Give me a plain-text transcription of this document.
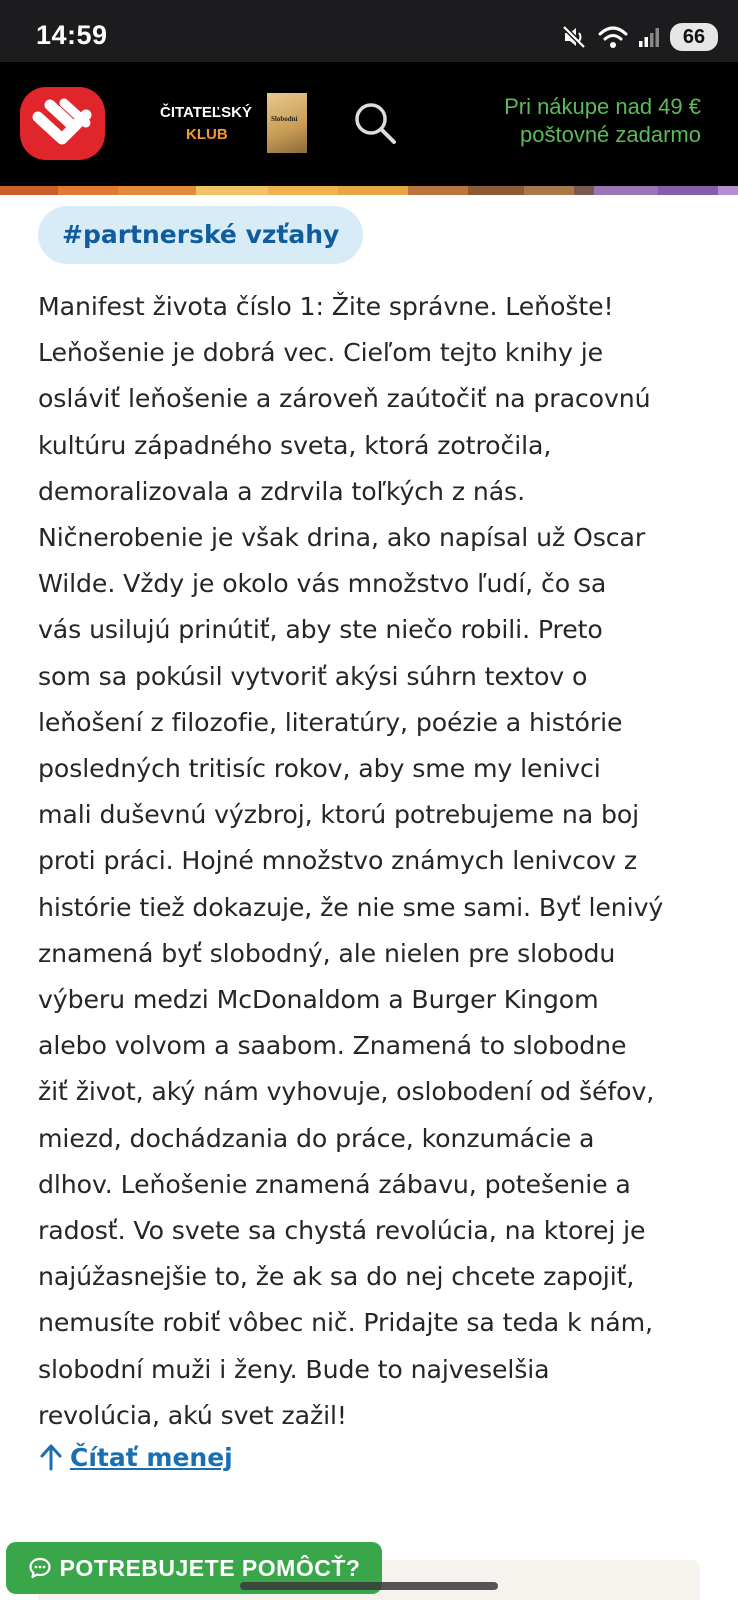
14:59	66
ČITATEĽSKÝ
KLUB
Slobodní	Pri nákupe nad 49 €
poštovné zadarmo
#partnerské vzťahy
Manifest života číslo 1: Žite správne. Leňošte!
Leňošenie je dobrá vec. Cieľom tejto knihy je
osláviť leňošenie a zároveň zaútočiť na pracovnú
kultúru západného sveta, ktorá zotročila,
demoralizovala a zdrvila toľkých z nás.
Ničnerobenie je však drina, ako napísal už Oscar
Wilde. Vždy je okolo vás množstvo ľudí, čo sa
vás usilujú prinútiť, aby ste niečo robili. Preto
som sa pokúsil vytvoriť akýsi súhrn textov o
leňošení z filozofie, literatúry, poézie a histórie
posledných tritisíc rokov, aby sme my lenivci
mali duševnú výzbroj, ktorú potrebujeme na boj
proti práci. Hojné množstvo známych lenivcov z
histórie tiež dokazuje, že nie sme sami. Byť lenivý
znamená byť slobodný, ale nielen pre slobodu
výberu medzi McDonaldom a Burger Kingom
alebo volvom a saabom. Znamená to slobodne
žiť život, aký nám vyhovuje, oslobodení od šéfov,
miezd, dochádzania do práce, konzumácie a
dlhov. Leňošenie znamená zábavu, potešenie a
radosť. Vo svete sa chystá revolúcia, na ktorej je
najúžasnejšie to, že ak sa do nej chcete zapojiť,
nemusíte robiť vôbec nič. Pridajte sa teda k nám,
slobodní muži i ženy. Bude to najveselšia
revolúcia, akú svet zažil!
Čítať menej
POTREBUJETE POMÔCŤ?
